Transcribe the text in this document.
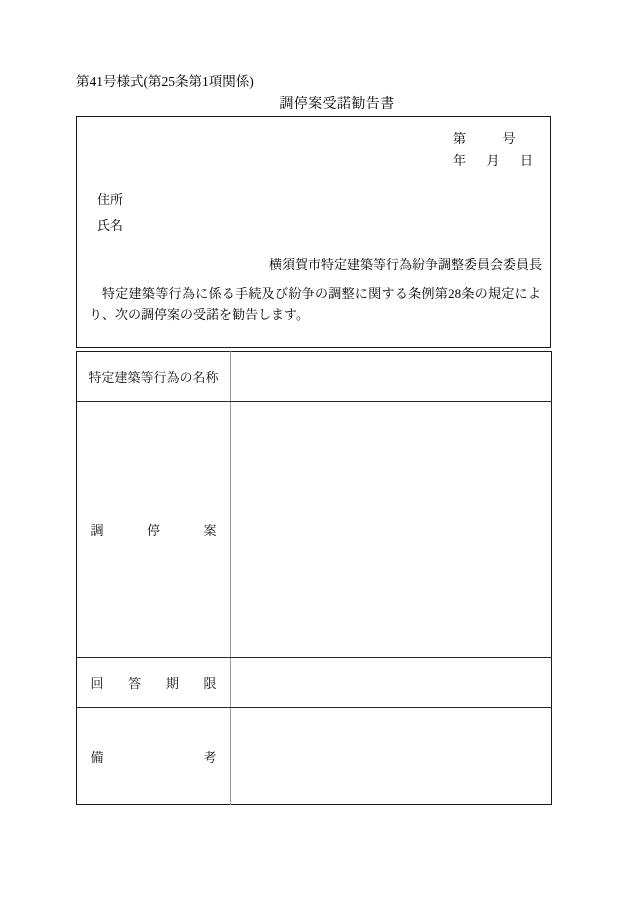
第41号様式(第25条第1項関係)
調停案受諾勧告書
第	号
年 月 日
住所
氏名
横須賀市特定建築等行為紛争調整委員会委員長
特定建築等行為に係る手続及び紛争の調整に関する条例第28条の規定により、次の調停案の受諾を勧告します。
特定建築等行為の名称	
調停案	
回答期限	
備考	
